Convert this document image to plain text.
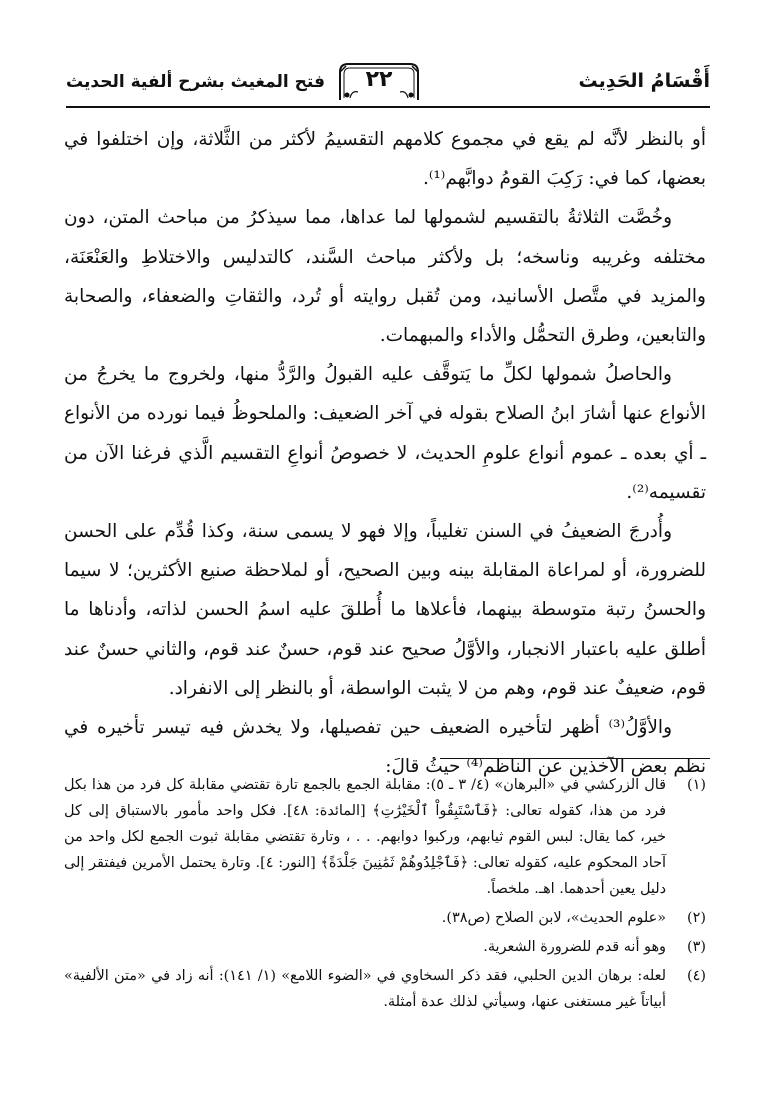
أَقْسَامُ الحَدِيث
٢٢
فتح المغيث بشرح ألفية الحديث

أو بالنظر لأنَّه لم يقع في مجموع كلامهم التقسيمُ لأكثر من الثَّلاثة، وإن اختلفوا في بعضها، كما في: رَكِبَ القومُ دوابَّهم⁽¹⁾.

وخُصَّت الثلاثةُ بالتقسيم لشمولها لما عداها، مما سيذكرُ من مباحث المتن، دون مختلفه وغريبه وناسخه؛ بل ولأكثر مباحث السَّند، كالتدليس والاختلاطِ والعَنْعَنَة، والمزيد في متَّصل الأسانيد، ومن تُقبل روايته أو تُرد، والثقاتِ والضعفاء، والصحابة والتابعين، وطرق التحمُّل والأداء والمبهمات.

والحاصلُ شمولها لكلِّ ما يَتوقَّف عليه القبولُ والرَّدُّ منها، ولخروج ما يخرجُ من الأنواع عنها أشارَ ابنُ الصلاح بقوله في آخر الضعيف: والملحوظُ فيما نورده من الأنواع ـ أي بعده ـ عموم أنواع علومِ الحديث، لا خصوصُ أنواعِ التقسيم الَّذي فرغنا الآن من تقسيمه⁽²⁾.

وأُدرجَ الضعيفُ في السنن تغليباً، وإلا فهو لا يسمى سنة، وكذا قُدِّم على الحسن للضرورة، أو لمراعاة المقابلة بينه وبين الصحيح، أو لملاحظة صنيع الأكثرين؛ لا سيما والحسنُ رتبة متوسطة بينهما، فأعلاها ما أُطلقَ عليه اسمُ الحسن لذاته، وأدناها ما أطلق عليه باعتبار الانجبار، والأوَّلُ صحيح عند قوم، حسنٌ عند قوم، والثاني حسنٌ عند قوم، ضعيفٌ عند قوم، وهم من لا يثبت الواسطة، أو بالنظر إلى الانفراد.

والأوَّلُ⁽³⁾ أظهر لتأخيره الضعيف حين تفصيلها، ولا يخدش فيه تيسر تأخيره في نظم بعض الآخذين عن الناظم⁽⁴⁾ حيثُ قالَ:

(١)
قال الزركشي في «البرهان» (٤/ ٣ ـ ٥): مقابلة الجمع بالجمع تارة تقتضي مقابلة كل فرد من هذا بكل فرد من هذا، كقوله تعالى: ﴿فَٱسْتَبِقُواْ ٱلْخَيْرَٰتِ﴾ [المائدة: ٤٨]. فكل واحد مأمور بالاستباق إلى كل خير، كما يقال: لبس القوم ثيابهم، وركبوا دوابهم. . . ، وتارة تقتضي مقابلة ثبوت الجمع لكل واحد من آحاد المحكوم عليه، كقوله تعالى: ﴿فَٱجْلِدُوهُمْ ثَمَٰنِينَ جَلْدَةً﴾ [النور: ٤]. وتارة يحتمل الأمرين فيفتقر إلى دليل يعين أحدهما. اهـ. ملخصاً.
(٢)
«علوم الحديث»، لابن الصلاح (ص٣٨).
(٣)
وهو أنه قدم للضرورة الشعرية.
(٤)
لعله: برهان الدين الحلبي، فقد ذكر السخاوي في «الضوء اللامع» (١/ ١٤١): أنه زاد في «متن الألفية» أبياتاً غير مستغنى عنها، وسيأتي لذلك عدة أمثلة.
